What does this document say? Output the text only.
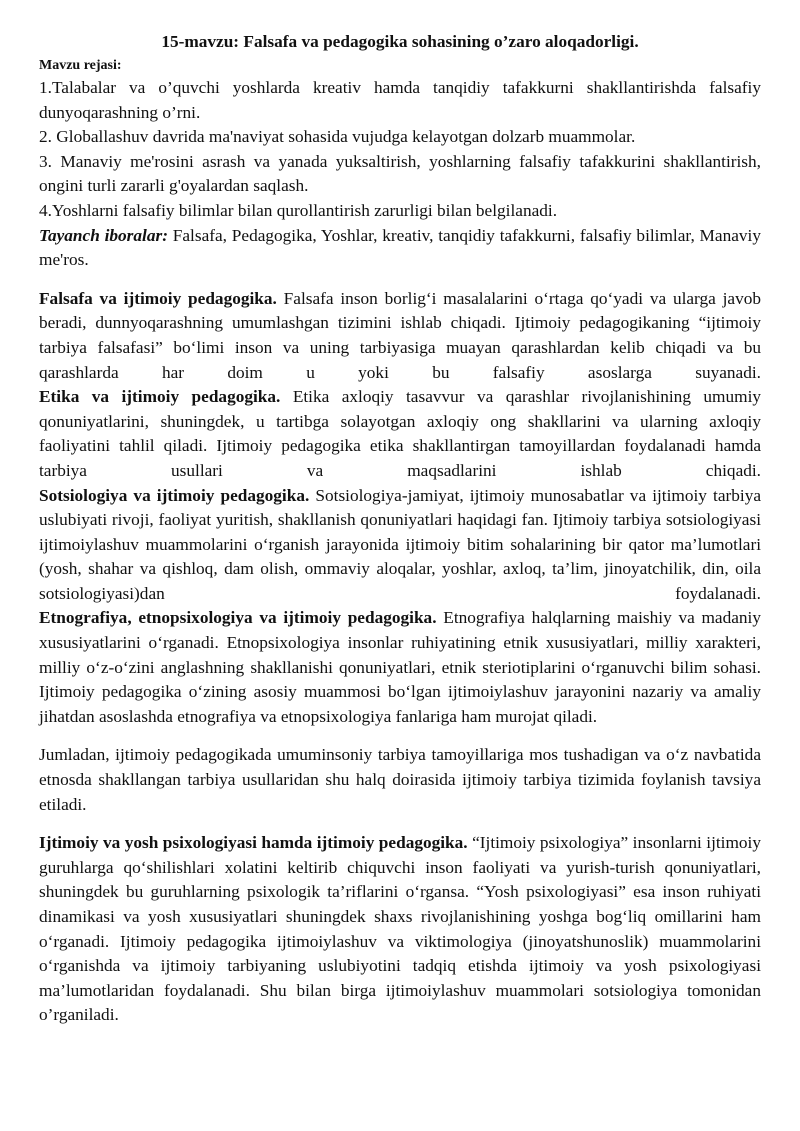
15-mavzu: Falsafa va pedagogika sohasining o’zaro aloqadorligi.
Mavzu rejasi:

1.Talabalar va o’quvchi yoshlarda kreativ hamda tanqidiy tafakkurni shakllantirishda falsafiy dunyoqarashning o’rni.

2. Globallashuv davrida ma'naviyat sohasida vujudga kelayotgan dolzarb muammolar.

3. Manaviy me'rosini asrash va yanada yuksaltirish, yoshlarning falsafiy tafakkurini shakllantirish, ongini turli zararli g'oyalardan saqlash.

4.Yoshlarni falsafiy bilimlar bilan qurollantirish zarurligi bilan belgilanadi.

Tayanch iboralar: Falsafa, Pedagogika, Yoshlar, kreativ, tanqidiy tafakkurni, falsafiy bilimlar, Manaviy me'ros.

Falsafa va ijtimoiy pedagogika. Falsafa inson borlig‘i masalalarini o‘rtaga qo‘yadi va ularga javob beradi, dunnyoqarashning umumlashgan tizimini ishlab chiqadi. Ijtimoiy pedagogikaning “ijtimoiy tarbiya falsafasi” bo‘limi inson va uning tarbiyasiga muayan qarashlardan kelib chiqadi va bu qarashlarda har doim u yoki bu falsafiy asoslarga suyanadi.

Etika va ijtimoiy pedagogika. Etika axloqiy tasavvur va qarashlar rivojlanishining umumiy qonuniyatlarini, shuningdek, u tartibga solayotgan axloqiy ong shakllarini va ularning axloqiy faoliyatini tahlil qiladi. Ijtimoiy pedagogika etika shakllantirgan tamoyillardan foydalanadi hamda tarbiya usullari va maqsadlarini ishlab chiqadi.

Sotsiologiya va ijtimoiy pedagogika. Sotsiologiya-jamiyat, ijtimoiy munosabatlar va ijtimoiy tarbiya uslubiyati rivoji, faoliyat yuritish, shakllanish qonuniyatlari haqidagi fan. Ijtimoiy tarbiya sotsiologiyasi ijtimoiylashuv muammolarini o‘rganish jarayonida ijtimoiy bitim sohalarining bir qator ma’lumotlari (yosh, shahar va qishloq, dam olish, ommaviy aloqalar, yoshlar, axloq, ta’lim, jinoyatchilik, din, oila sotsiologiyasi)dan foydalanadi.

Etnografiya, etnopsixologiya va ijtimoiy pedagogika. Etnografiya halqlarning maishiy va madaniy xususiyatlarini o‘rganadi. Etnopsixologiya insonlar ruhiyatining etnik xususiyatlari, milliy xarakteri, milliy o‘z-o‘zini anglashning shakllanishi qonuniyatlari, etnik steriotiplarini o‘rganuvchi bilim sohasi. Ijtimoiy pedagogika o‘zining asosiy muammosi bo‘lgan ijtimoiylashuv jarayonini nazariy va amaliy jihatdan asoslashda etnografiya va etnopsixologiya fanlariga ham murojat qiladi.

Jumladan, ijtimoiy pedagogikada umuminsoniy tarbiya tamoyillariga mos tushadigan va o‘z navbatida etnosda shakllangan tarbiya usullaridan shu halq doirasida ijtimoiy tarbiya tizimida foylanish tavsiya etiladi.

Ijtimoiy va yosh psixologiyasi hamda ijtimoiy pedagogika. “Ijtimoiy psixologiya” insonlarni ijtimoiy guruhlarga qo‘shilishlari xolatini keltirib chiquvchi inson faoliyati va yurish-turish qonuniyatlari, shuningdek bu guruhlarning psixologik ta’riflarini o‘rgansa. “Yosh psixologiyasi” esa inson ruhiyati dinamikasi va yosh xususiyatlari shuningdek shaxs rivojlanishining yoshga bog‘liq omillarini ham o‘rganadi. Ijtimoiy pedagogika ijtimoiylashuv va viktimologiya (jinoyatshunoslik) muammolarini o‘rganishda va ijtimoiy tarbiyaning uslubiyotini tadqiq etishda ijtimoiy va yosh psixologiyasi ma’lumotlaridan foydalanadi. Shu bilan birga ijtimoiylashuv muammolari sotsiologiya tomonidan o’rganiladi.
